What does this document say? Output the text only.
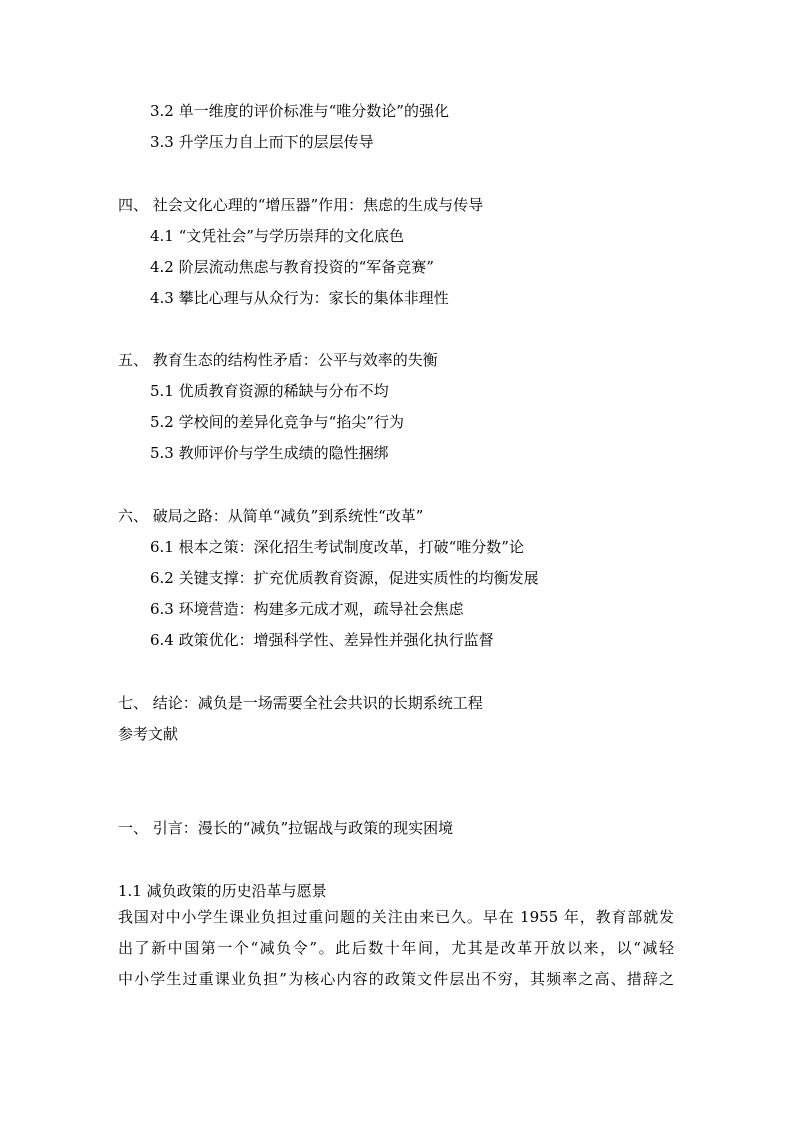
3.2 单一维度的评价标准与“唯分数论”的强化
3.3 升学压力自上而下的层层传导
四、 社会文化心理的“增压器”作用：焦虑的生成与传导
4.1 “文凭社会”与学历崇拜的文化底色
4.2 阶层流动焦虑与教育投资的“军备竞赛”
4.3 攀比心理与从众行为：家长的集体非理性
五、 教育生态的结构性矛盾：公平与效率的失衡
5.1 优质教育资源的稀缺与分布不均
5.2 学校间的差异化竞争与“掐尖”行为
5.3 教师评价与学生成绩的隐性捆绑
六、 破局之路：从简单“减负”到系统性“改革”
6.1 根本之策：深化招生考试制度改革，打破“唯分数”论
6.2 关键支撑：扩充优质教育资源，促进实质性的均衡发展
6.3 环境营造：构建多元成才观，疏导社会焦虑
6.4 政策优化：增强科学性、差异性并强化执行监督
七、 结论：减负是一场需要全社会共识的长期系统工程
参考文献
一、 引言：漫长的“减负”拉锯战与政策的现实困境
1.1 减负政策的历史沿革与愿景
我国对中小学生课业负担过重问题的关注由来已久。早在 1955 年，教育部就发
出了新中国第一个“减负令”。此后数十年间，尤其是改革开放以来，以“减轻
中小学生过重课业负担”为核心内容的政策文件层出不穷，其频率之高、措辞之
